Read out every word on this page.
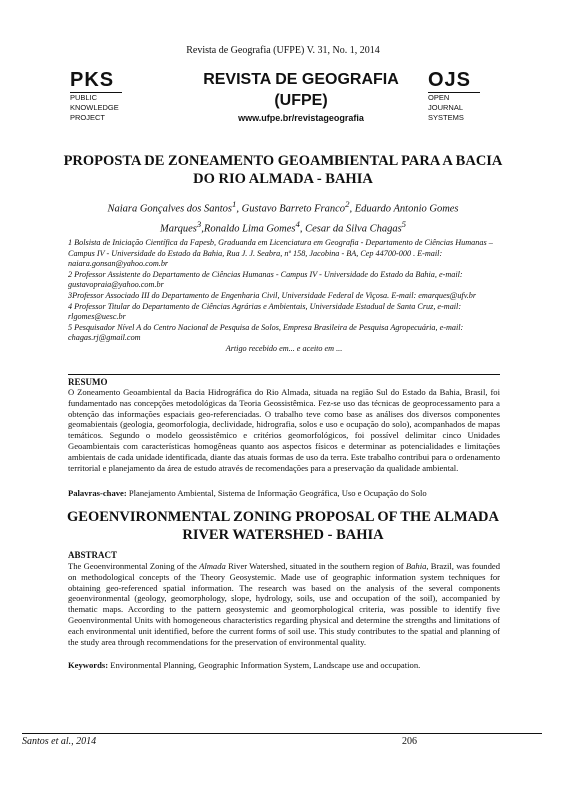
Revista de Geografia (UFPE) V. 31, No. 1, 2014
PKS
PUBLIC
KNOWLEDGE
PROJECT
REVISTA DE GEOGRAFIA
(UFPE)
www.ufpe.br/revistageografia
OJS
OPEN
JOURNAL
SYSTEMS
PROPOSTA DE ZONEAMENTO GEOAMBIENTAL PARA A BACIA DO RIO ALMADA - BAHIA
Naiara Gonçalves dos Santos$^1$, Gustavo Barreto Franco$^2$, Eduardo Antonio Gomes Marques$^3$,Ronaldo Lima Gomes$^4$, Cesar da Silva Chagas$^5$

1 Bolsista de Iniciação Científica da Fapesb, Graduanda em Licenciatura em Geografia - Departamento de Ciências Humanas – Campus IV - Universidade do Estado da Bahia, Rua J. J. Seabra, nº 158, Jacobina - BA, Cep 44700-000 . E-mail: naiara.gonsan@yahoo.com.br

2 Professor Assistente do Departamento de Ciências Humanas - Campus IV - Universidade do Estado da Bahia, e-mail: gustavopraia@yahoo.com.br

3Professor Associado III do Departamento de Engenharia Civil, Universidade Federal de Viçosa. E-mail: emarques@ufv.br

4 Professor Titular do Departamento de Ciências Agrárias e Ambientais, Universidade Estadual de Santa Cruz, e-mail: rlgomes@uesc.br

5 Pesquisador Nível A do Centro Nacional de Pesquisa de Solos, Empresa Brasileira de Pesquisa Agropecuária, e-mail: chagas.rj@gmail.com

Artigo recebido em... e aceito em ...

RESUMO
O Zoneamento Geoambiental da Bacia Hidrográfica do Rio Almada, situada na região Sul do Estado da Bahia, Brasil, foi fundamentado nas concepções metodológicas da Teoria Geossistêmica. Fez-se uso das técnicas de geoprocessamento para a obtenção das informações espaciais geo-referenciadas. O trabalho teve como base as análises dos diversos componentes geomabientais (geologia, geomorfologia, declividade, hidrografia, solos e uso e ocupação do solo), acompanhados de mapas temáticos. Segundo o modelo geossistêmico e critérios geomorfológicos, foi possível delimitar cinco Unidades Geoambientais com características homogêneas quanto aos aspectos físicos e determinar as potencialidades e limitações ambientais de cada unidade identificada, diante das atuais formas de uso da terra. Este trabalho contribui para o ordenamento territorial e planejamento da área de estudo através de recomendações para a preservação da qualidade ambiental.
Palavras-chave: Planejamento Ambiental, Sistema de Informação Geográfica, Uso e Ocupação do Solo
GEOENVIRONMENTAL ZONING PROPOSAL OF THE ALMADA RIVER WATERSHED - BAHIA
ABSTRACT
The Geoenvironmental Zoning of the Almada River Watershed, situated in the southern region of Bahia, Brazil, was founded on methodological concepts of the Theory Geosystemic. Made use of geographic information system techniques for obtaining geo-referenced spatial information. The research was based on the analysis of the several components geoenvironmental (geology, geomorphology, slope, hydrology, soils, use and occupation of the soil), accompanied by thematic maps. According to the pattern geosystemic and geomorphological criteria, was possible to identify five Geoenvironmental Units with homogeneous characteristics regarding physical and determine the strengths and limitations of each environmental unit identified, before the current forms of soil use. This study contributes to the spatial and planning of the study area through recommendations for the preservation of environmental quality.
Keywords: Environmental Planning, Geographic Information System, Landscape use and occupation.
Santos et al., 2014	206
